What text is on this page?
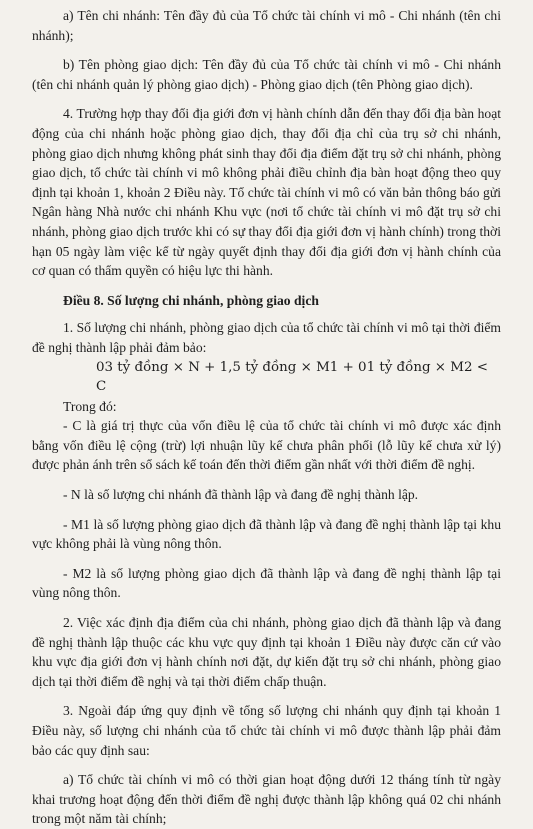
a) Tên chi nhánh: Tên đầy đủ của Tổ chức tài chính vi mô - Chi nhánh (tên chi nhánh);

b) Tên phòng giao dịch: Tên đầy đủ của Tổ chức tài chính vi mô - Chi nhánh (tên chi nhánh quản lý phòng giao dịch) - Phòng giao dịch (tên Phòng giao dịch).

4. Trường hợp thay đổi địa giới đơn vị hành chính dẫn đến thay đổi địa bàn hoạt động của chi nhánh hoặc phòng giao dịch, thay đổi địa chỉ của trụ sở chi nhánh, phòng giao dịch nhưng không phát sinh thay đổi địa điểm đặt trụ sở chi nhánh, phòng giao dịch, tổ chức tài chính vi mô không phải điều chỉnh địa bàn hoạt động theo quy định tại khoản 1, khoản 2 Điều này. Tổ chức tài chính vi mô có văn bản thông báo gửi Ngân hàng Nhà nước chi nhánh Khu vực (nơi tổ chức tài chính vi mô đặt trụ sở chi nhánh, phòng giao dịch trước khi có sự thay đổi địa giới đơn vị hành chính) trong thời hạn 05 ngày làm việc kể từ ngày quyết định thay đổi địa giới đơn vị hành chính của cơ quan có thẩm quyền có hiệu lực thi hành.

Điều 8. Số lượng chi nhánh, phòng giao dịch

1. Số lượng chi nhánh, phòng giao dịch của tổ chức tài chính vi mô tại thời điểm đề nghị thành lập phải đảm bảo:

03 tỷ đồng × N + 1,5 tỷ đồng × M1 + 01 tỷ đồng × M2 < C

Trong đó:

- C là giá trị thực của vốn điều lệ của tổ chức tài chính vi mô được xác định bằng vốn điều lệ cộng (trừ) lợi nhuận lũy kế chưa phân phối (lỗ lũy kế chưa xử lý) được phản ánh trên sổ sách kế toán đến thời điểm gần nhất với thời điểm đề nghị.

- N là số lượng chi nhánh đã thành lập và đang đề nghị thành lập.

- M1 là số lượng phòng giao dịch đã thành lập và đang đề nghị thành lập tại khu vực không phải là vùng nông thôn.

- M2 là số lượng phòng giao dịch đã thành lập và đang đề nghị thành lập tại vùng nông thôn.

2. Việc xác định địa điểm của chi nhánh, phòng giao dịch đã thành lập và đang đề nghị thành lập thuộc các khu vực quy định tại khoản 1 Điều này được căn cứ vào khu vực địa giới đơn vị hành chính nơi đặt, dự kiến đặt trụ sở chi nhánh, phòng giao dịch tại thời điểm đề nghị và tại thời điểm chấp thuận.

3. Ngoài đáp ứng quy định về tổng số lượng chi nhánh quy định tại khoản 1 Điều này, số lượng chi nhánh của tổ chức tài chính vi mô được thành lập phải đảm bảo các quy định sau:

a) Tổ chức tài chính vi mô có thời gian hoạt động dưới 12 tháng tính từ ngày khai trương hoạt động đến thời điểm đề nghị được thành lập không quá 02 chi nhánh trong một năm tài chính;
